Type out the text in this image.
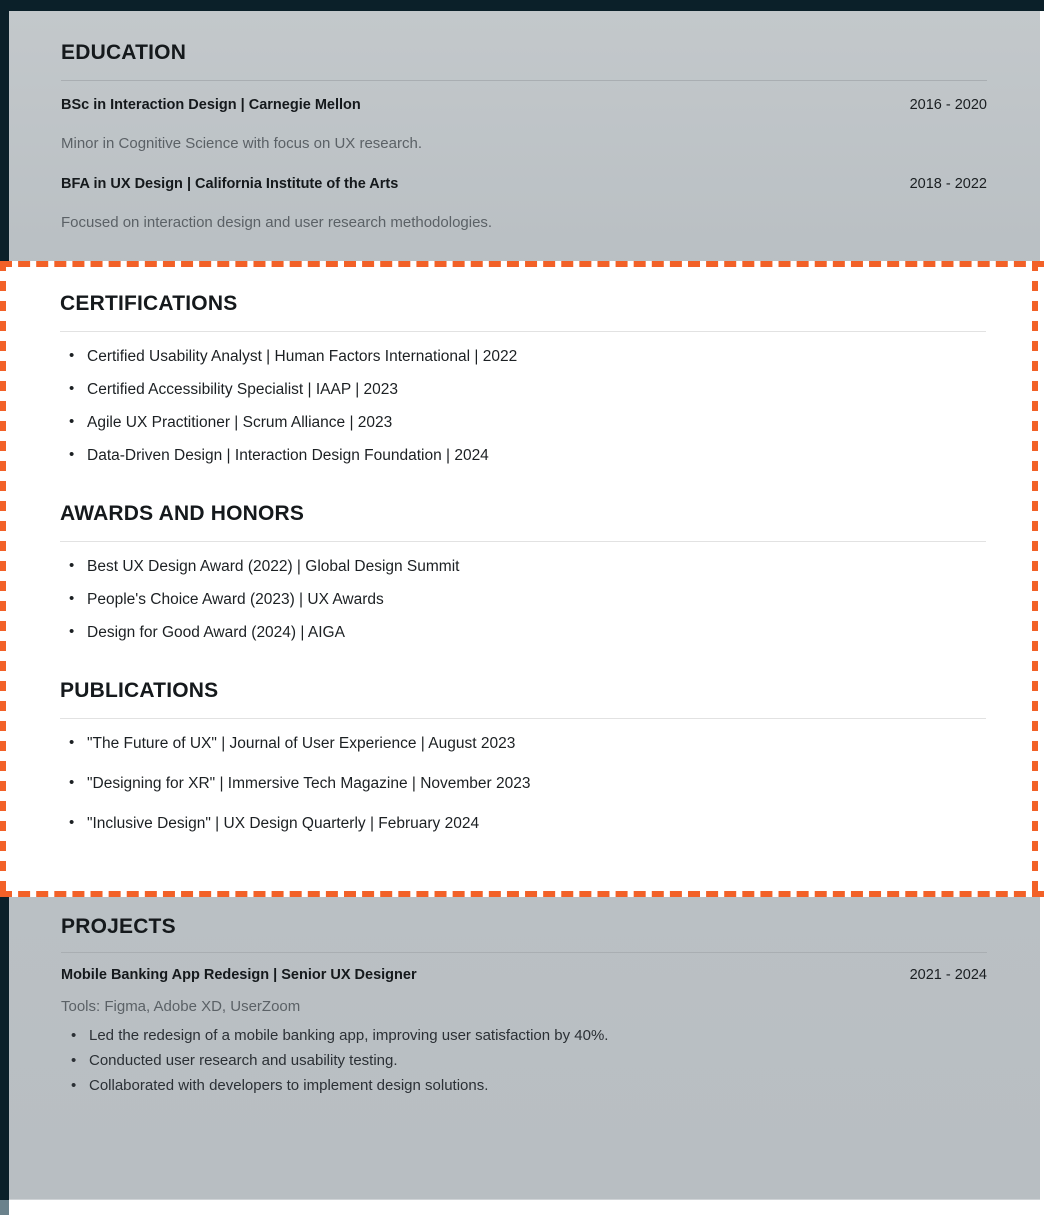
EDUCATION
BSc in Interaction Design | Carnegie Mellon	2016 - 2020
Minor in Cognitive Science with focus on UX research.
BFA in UX Design | California Institute of the Arts	2018 - 2022
Focused on interaction design and user research methodologies.
CERTIFICATIONS
• Certified Usability Analyst | Human Factors International | 2022
• Certified Accessibility Specialist | IAAP | 2023
• Agile UX Practitioner | Scrum Alliance | 2023
• Data-Driven Design | Interaction Design Foundation | 2024
AWARDS AND HONORS
• Best UX Design Award (2022) | Global Design Summit
• People's Choice Award (2023) | UX Awards
• Design for Good Award (2024) | AIGA
PUBLICATIONS
• "The Future of UX" | Journal of User Experience | August 2023
• "Designing for XR" | Immersive Tech Magazine | November 2023
• "Inclusive Design" | UX Design Quarterly | February 2024
PROJECTS
Mobile Banking App Redesign | Senior UX Designer	2021 - 2024
Tools: Figma, Adobe XD, UserZoom
• Led the redesign of a mobile banking app, improving user satisfaction by 40%.
• Conducted user research and usability testing.
• Collaborated with developers to implement design solutions.
